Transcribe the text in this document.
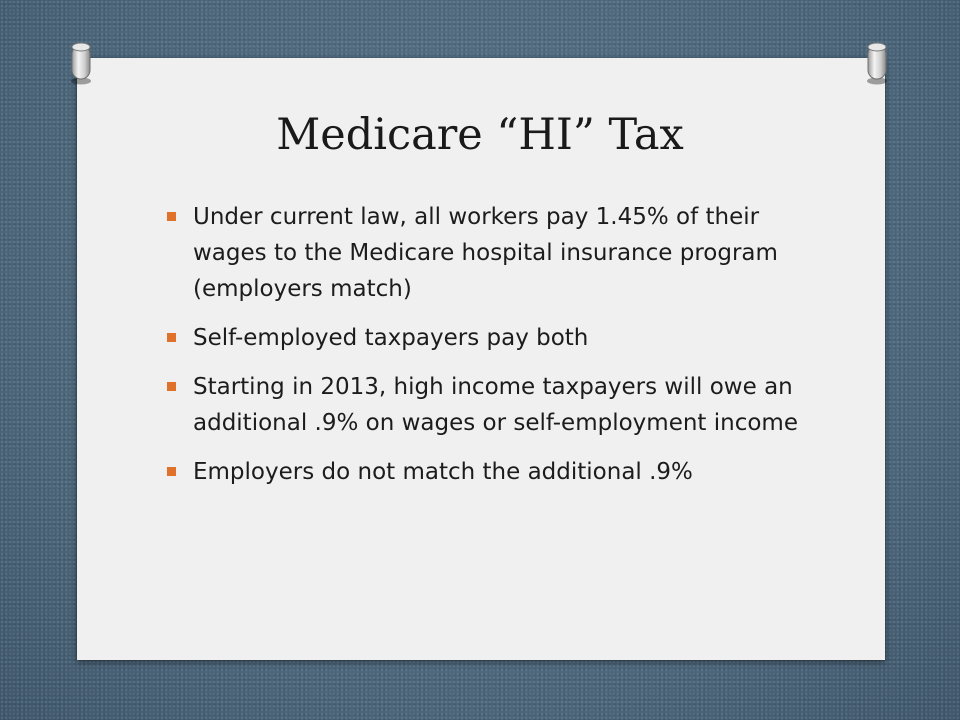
Medicare “HI” Tax
Under current law, all workers pay 1.45% of their wages to the Medicare hospital insurance program (employers match)
Self-employed taxpayers pay both
Starting in 2013, high income taxpayers will owe an additional .9% on wages or self-employment income
Employers do not match the additional .9%
